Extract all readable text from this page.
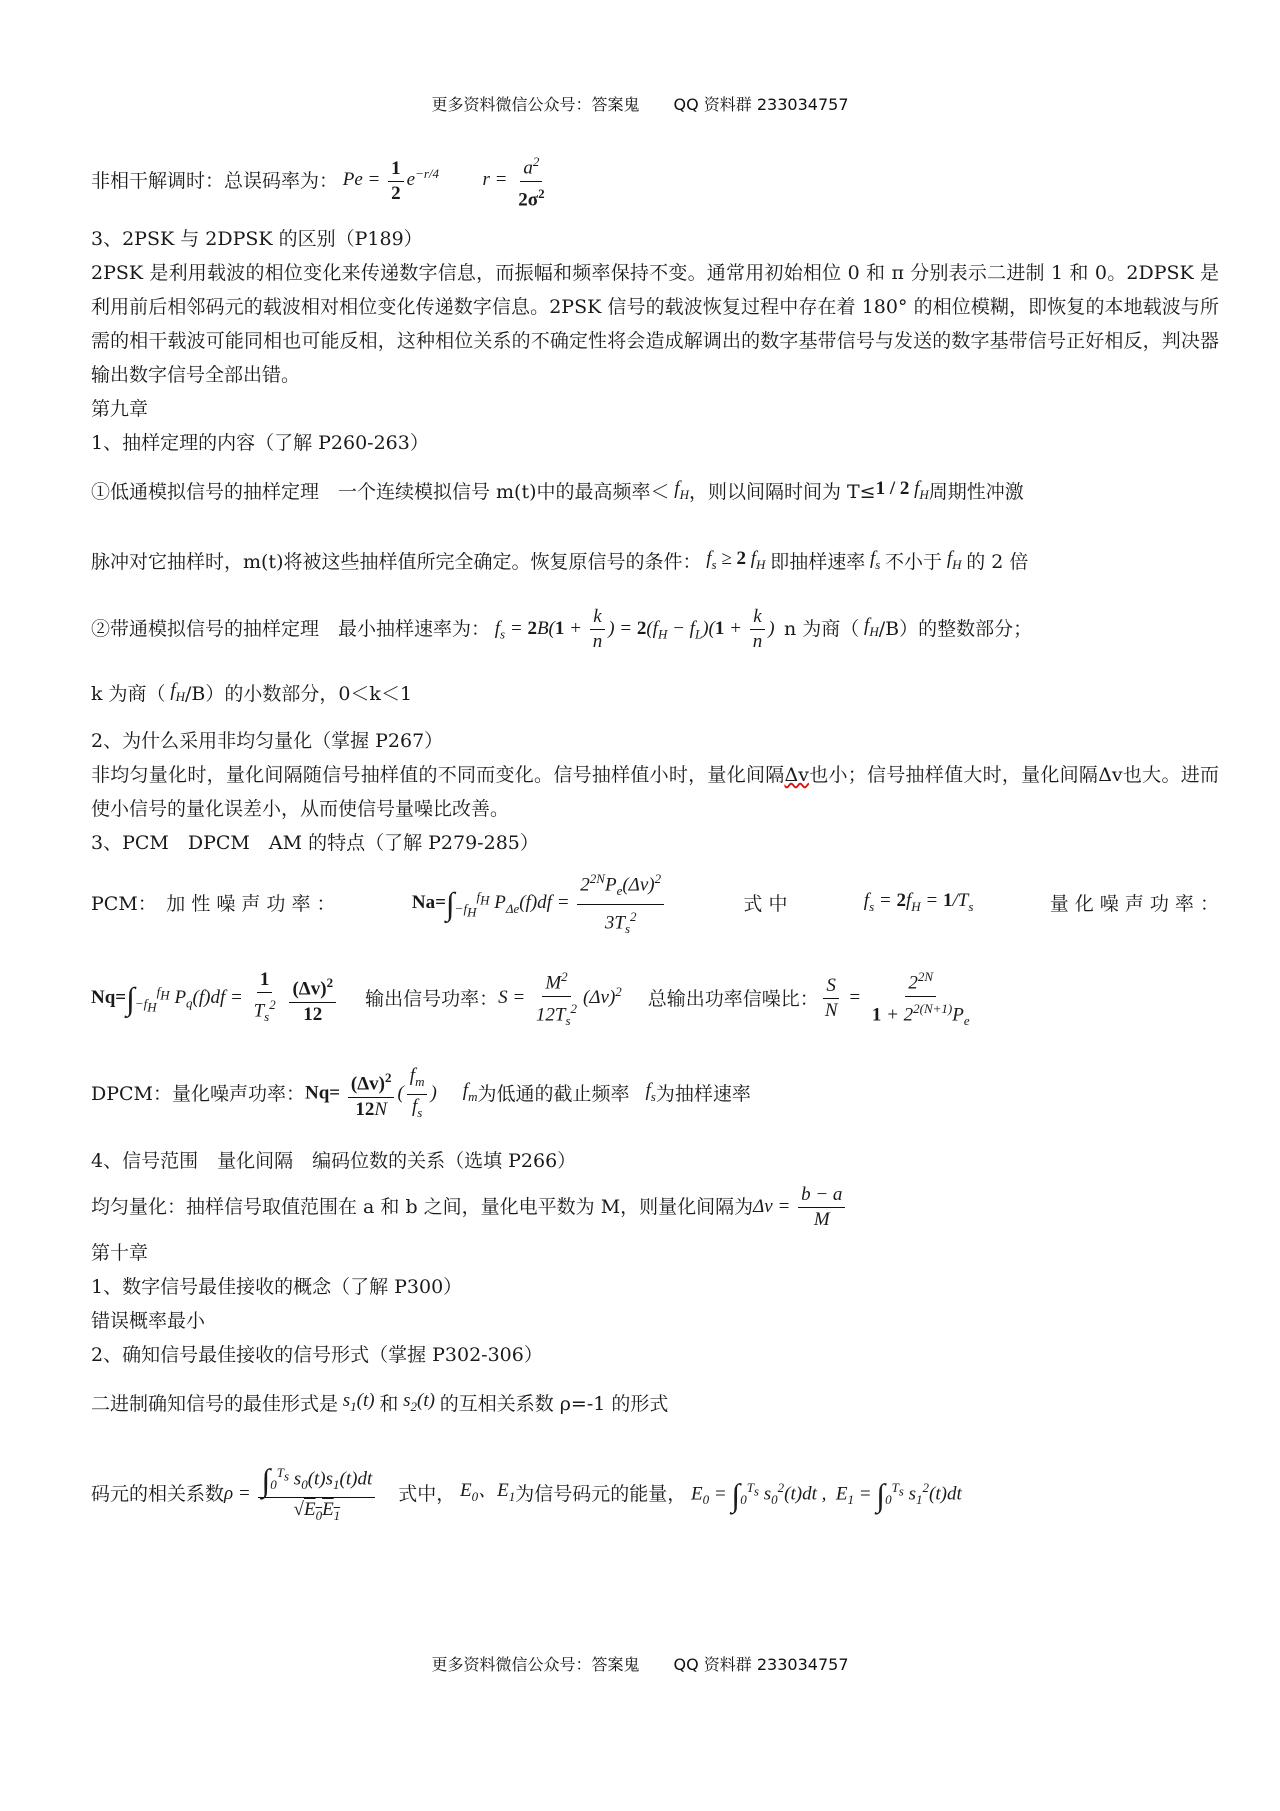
更多资料微信公众号：答案鬼 QQ 资料群 233034757
非相干解调时：总误码率为： $Pe = \frac{1}{2} e^{-r/4}$  $r = \frac{a^2}{2\sigma^2}$
3、2PSK 与 2DPSK 的区别（P189）
2PSK 是利用载波的相位变化来传递数字信息，而振幅和频率保持不变。通常用初始相位 0 和 π 分别表示二进制 1 和 0。2DPSK 是利用前后相邻码元的载波相对相位变化传递数字信息。2PSK 信号的载波恢复过程中存在着 180° 的相位模糊，即恢复的本地载波与所需的相干载波可能同相也可能反相，这种相位关系的不确定性将会造成解调出的数字基带信号与发送的数字基带信号正好相反，判决器输出数字信号全部出错。
第九章
1、抽样定理的内容（了解 P260-263）
①低通模拟信号的抽样定理　一个连续模拟信号 m(t)中的最高频率＜ $f_H$ ，则以间隔时间为 T≤ 1 / 2 $f_H$ 周期性冲激
脉冲对它抽样时，m(t)将被这些抽样值所完全确定。恢复原信号的条件： $f_s \ge 2$ $f_H$ 即抽样速率 $f_s$ 不小于 $f_H$ 的 2 倍
②带通模拟信号的抽样定理　最小抽样速率为： $f_s = 2B(1 + \frac{k}{n}$ ) = $2(f_H - f_L)(1 + \frac{k}{n}$ ) n 为商（ $f_H$ /B）的整数部分；
k 为商（ $f_H$ /B）的小数部分，0＜k＜1
2、为什么采用非均匀量化（掌握 P267）
非均匀量化时，量化间隔随信号抽样值的不同而变化。信号抽样值小时，量化间隔Δv也小；信号抽样值大时，量化间隔Δv也大。进而使小信号的量化误差小，从而使信号量噪比改善。
3、PCM　DPCM　AM 的特点（了解 P279-285）
PCM：　加 性 噪 声 功 率 ：	$Na=\int_{-f_H}^{f_H}$ $P_{\Delta e}(f)df = \frac{2^{2N}P_e(\Delta v)^2}{3T_s^2}$	式 中	$f_s = 2f_H = 1/T_s$	量 化 噪 声 功 率 ：
$Nq=\int_{-f_H}^{f_H}$ $P_q(f)df = \frac{1}{T_s^2}$
$\frac{(\Delta v)^2}{12}$ 输出信号功率： $S = \frac{M^2}{12T_s^2} (\Delta v)^2$ 总输出功率信噪比： $\frac{S}{N} = \frac{2^{2N}}{1 + 2^{2(N+1)}P_e}$
DPCM：量化噪声功率： $Nq= \frac{(\Delta v)^2}{12N}$ ( $\frac{f_m}{f_s}$ ) $f_m$ 为低通的截止频率 $f_s$ 为抽样速率
4、信号范围　量化间隔　编码位数的关系（选填 P266）
均匀量化：抽样信号取值范围在 a 和 b 之间，量化电平数为 M，则量化间隔为 $\Delta v = \frac{b - a}{M}$
第十章
1、数字信号最佳接收的概念（了解 P300）
错误概率最小
2、确知信号最佳接收的信号形式（掌握 P302-306）
二进制确知信号的最佳形式是 $s_1(t)$ 和 $s_2(t)$ 的互相关系数 ρ=-1 的形式
码元的相关系数 $\rho = \frac{\int_0^{T_s} s_0(t)s_1(t)dt}{√E_0E_1}$ 式中， $E_0$、$E_1$ 为信号码元的能量， $E_0 = \int_0^{T_s}$ $s_0^2(t)dt$ ,  $E_1 = \int_0^{T_s}$ $s_1^2(t)dt$
更多资料微信公众号：答案鬼 QQ 资料群 233034757
